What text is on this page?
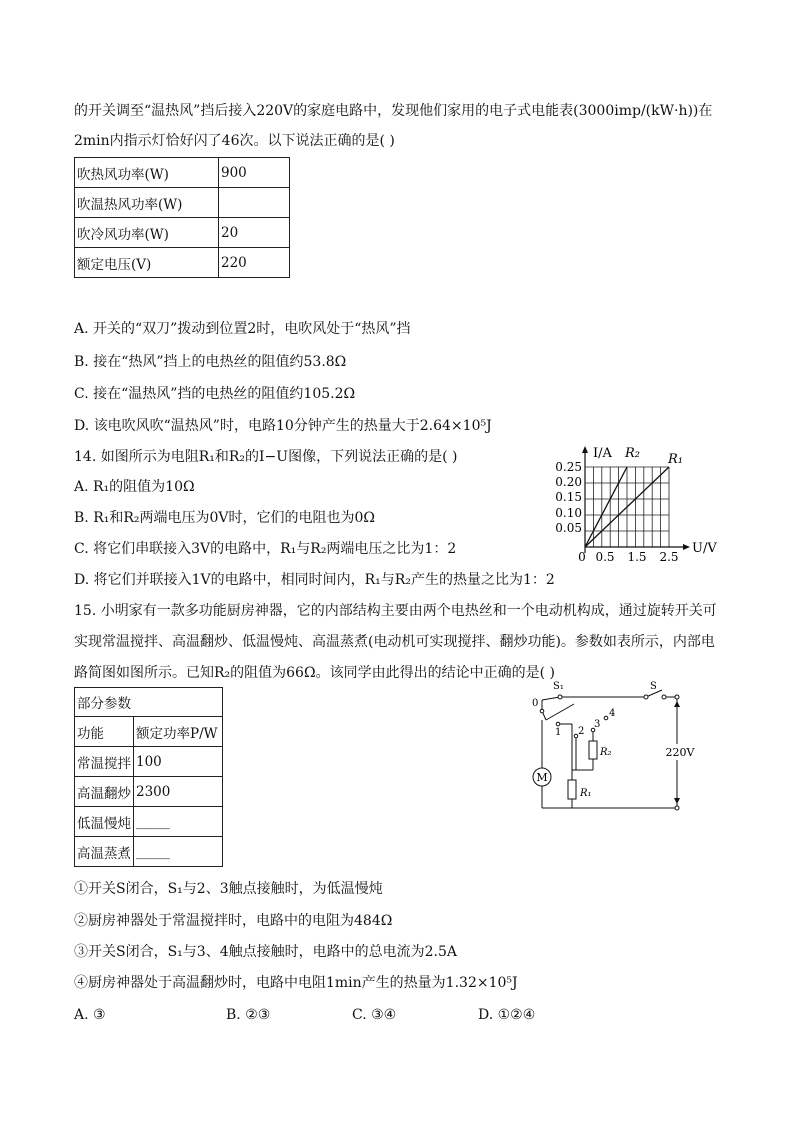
的开关调至“温热风”挡后接入220V的家庭电路中，发现他们家用的电子式电能表(3000imp/(kW·h))在
2min内指示灯恰好闪了46次。以下说法正确的是( )
吹热风功率(W)	900
吹温热风功率(W)	
吹冷风功率(W)	20
额定电压(V)	220
A. 开关的“双刀”拨动到位置2时，电吹风处于“热风”挡
B. 接在“热风”挡上的电热丝的阻值约53.8Ω
C. 接在“温热风”挡的电热丝的阻值约105.2Ω
D. 该电吹风吹“温热风”时，电路10分钟产生的热量大于2.64×10⁵J
14. 如图所示为电阻R₁和R₂的I−U图像，下列说法正确的是( )
A. R₁的阻值为10Ω
B. R₁和R₂两端电压为0V时，它们的电阻也为0Ω
C. 将它们串联接入3V的电路中，R₁与R₂两端电压之比为1：2
D. 将它们并联接入1V的电路中，相同时间内，R₁与R₂产生的热量之比为1：2
I/A
U/V
R₂ R₁
0.25
0.20
0.15
0.10
0.05
0 0.5 1.5 2.5
15. 小明家有一款多功能厨房神器，它的内部结构主要由两个电热丝和一个电动机构成，通过旋转开关可
实现常温搅拌、高温翻炒、低温慢炖、高温蒸煮(电动机可实现搅拌、翻炒功能)。参数如表所示，内部电
路简图如图所示。已知R₂的阻值为66Ω。该同学由此得出的结论中正确的是( )
部分参数	
功能	额定功率P/W
常温搅拌	100
高温翻炒	2300
低温慢炖	_____
高温蒸煮	_____
M
R₁
R₂	220V
S₁	S
0
1 2
3
4
①开关S闭合，S₁与2、3触点接触时，为低温慢炖
②厨房神器处于常温搅拌时，电路中的电阻为484Ω
③开关S闭合，S₁与3、4触点接触时，电路中的总电流为2.5A
④厨房神器处于高温翻炒时，电路中电阻1min产生的热量为1.32×10⁵J
A. ③	B. ②③	C. ③④	D. ①②④
